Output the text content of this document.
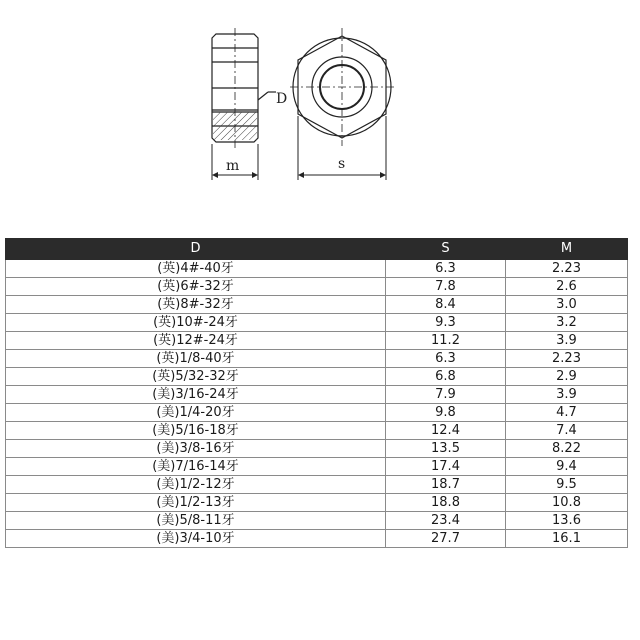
D
m	s
D	S	M
(英)4#-40牙	6.3	2.23
(英)6#-32牙	7.8	2.6
(英)8#-32牙	8.4	3.0
(英)10#-24牙	9.3	3.2
(英)12#-24牙	11.2	3.9
(英)1/8-40牙	6.3	2.23
(英)5/32-32牙	6.8	2.9
(美)3/16-24牙	7.9	3.9
(美)1/4-20牙	9.8	4.7
(美)5/16-18牙	12.4	7.4
(美)3/8-16牙	13.5	8.22
(美)7/16-14牙	17.4	9.4
(美)1/2-12牙	18.7	9.5
(美)1/2-13牙	18.8	10.8
(美)5/8-11牙	23.4	13.6
(美)3/4-10牙	27.7	16.1
